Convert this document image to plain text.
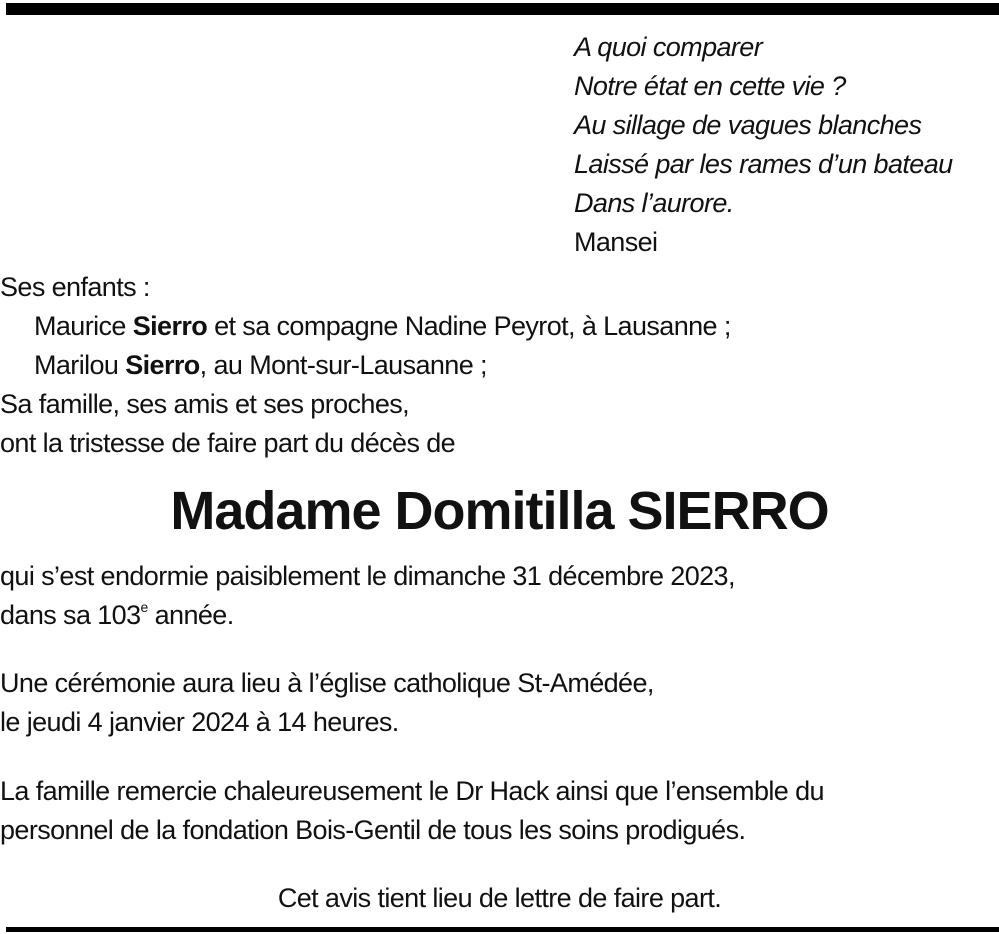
A quoi comparer
Notre état en cette vie ?
Au sillage de vagues blanches
Laissé par les rames d’un bateau
Dans l’aurore.
Mansei
Ses enfants :
Maurice Sierro et sa compagne Nadine Peyrot, à Lausanne ;
Marilou Sierro, au Mont-sur-Lausanne ;
Sa famille, ses amis et ses proches,
ont la tristesse de faire part du décès de
Madame Domitilla SIERRO
qui s’est endormie paisiblement le dimanche 31 décembre 2023,
dans sa 103e année.
Une cérémonie aura lieu à l’église catholique St-Amédée,
le jeudi 4 janvier 2024 à 14 heures.
La famille remercie chaleureusement le Dr Hack ainsi que l’ensemble du
personnel de la fondation Bois-Gentil de tous les soins prodigués.
Cet avis tient lieu de lettre de faire part.
